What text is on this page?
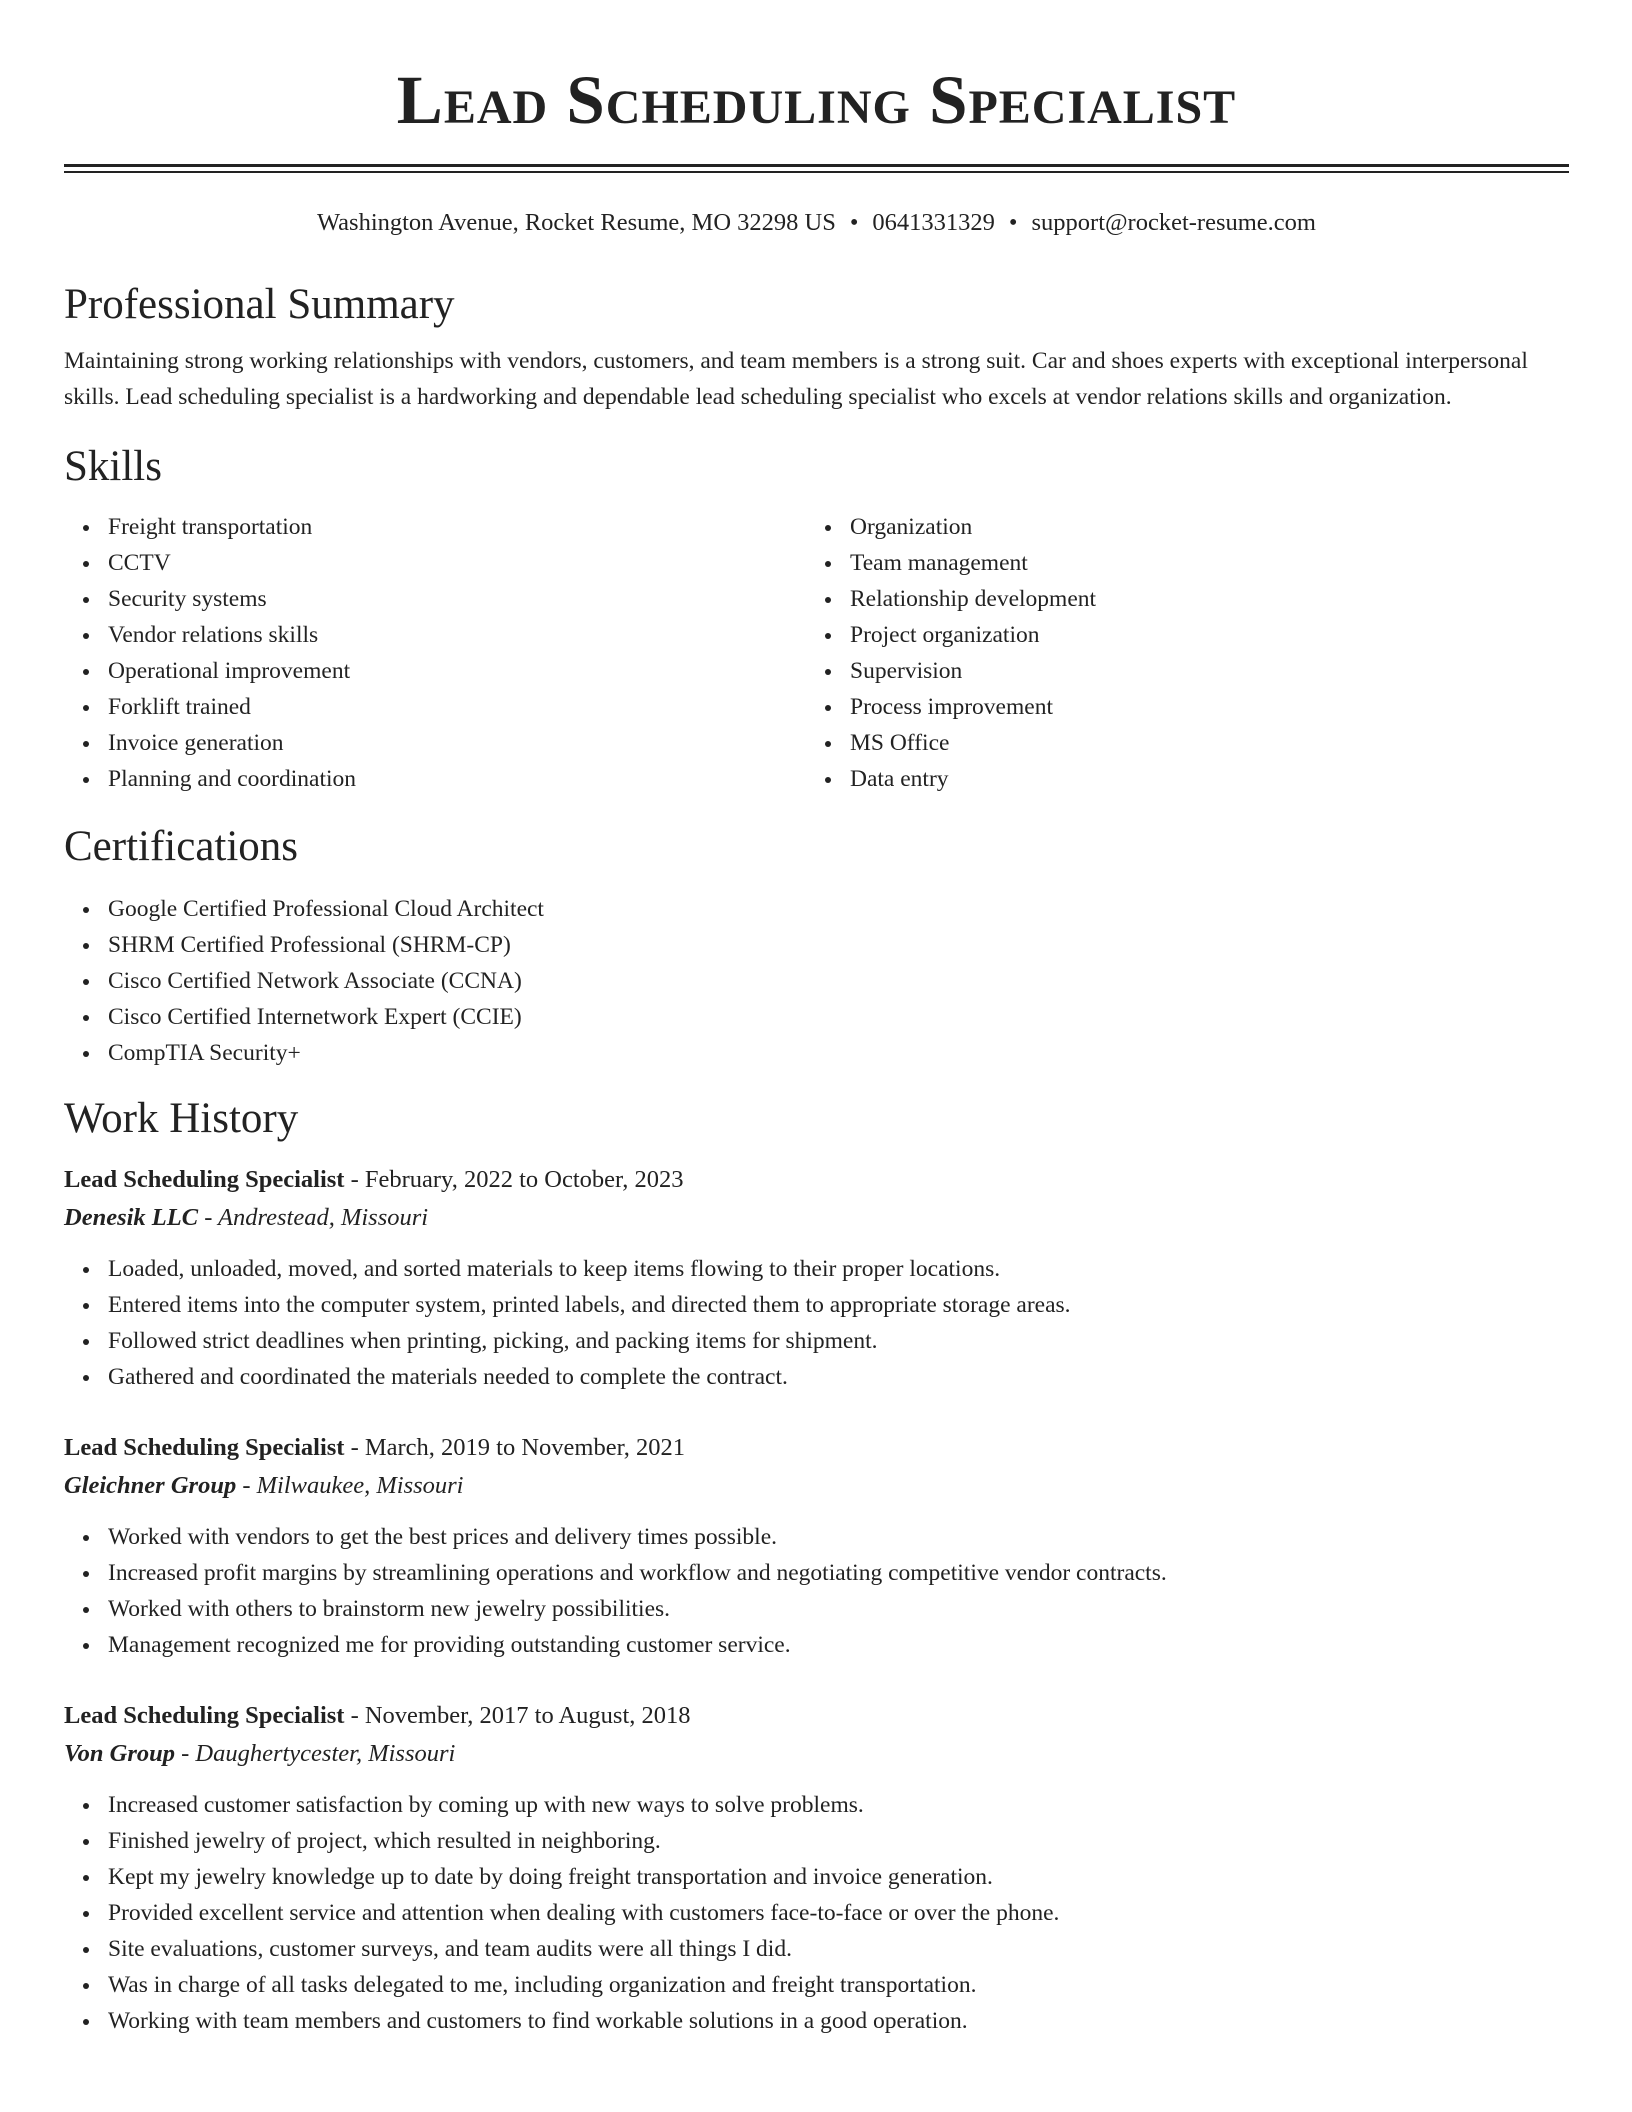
Lead Scheduling Specialist
Washington Avenue, Rocket Resume, MO 32298 US • 0641331329 • support@rocket-resume.com
Professional Summary

Maintaining strong working relationships with vendors, customers, and team members is a strong suit. Car and shoes experts with exceptional interpersonal skills. Lead scheduling specialist is a hardworking and dependable lead scheduling specialist who excels at vendor relations skills and organization.

Skills
Freight transportation
CCTV
Security systems
Vendor relations skills
Operational improvement
Forklift trained
Invoice generation
Planning and coordination
Organization
Team management
Relationship development
Project organization
Supervision
Process improvement
MS Office
Data entry
Certifications
Google Certified Professional Cloud Architect
SHRM Certified Professional (SHRM-CP)
Cisco Certified Network Associate (CCNA)
Cisco Certified Internetwork Expert (CCIE)
CompTIA Security+
Work History
Lead Scheduling Specialist - February, 2022 to October, 2023
Denesik LLC - Andrestead, Missouri
Loaded, unloaded, moved, and sorted materials to keep items flowing to their proper locations.
Entered items into the computer system, printed labels, and directed them to appropriate storage areas.
Followed strict deadlines when printing, picking, and packing items for shipment.
Gathered and coordinated the materials needed to complete the contract.
Lead Scheduling Specialist - March, 2019 to November, 2021
Gleichner Group - Milwaukee, Missouri
Worked with vendors to get the best prices and delivery times possible.
Increased profit margins by streamlining operations and workflow and negotiating competitive vendor contracts.
Worked with others to brainstorm new jewelry possibilities.
Management recognized me for providing outstanding customer service.
Lead Scheduling Specialist - November, 2017 to August, 2018
Von Group - Daughertycester, Missouri
Increased customer satisfaction by coming up with new ways to solve problems.
Finished jewelry of project, which resulted in neighboring.
Kept my jewelry knowledge up to date by doing freight transportation and invoice generation.
Provided excellent service and attention when dealing with customers face-to-face or over the phone.
Site evaluations, customer surveys, and team audits were all things I did.
Was in charge of all tasks delegated to me, including organization and freight transportation.
Working with team members and customers to find workable solutions in a good operation.
